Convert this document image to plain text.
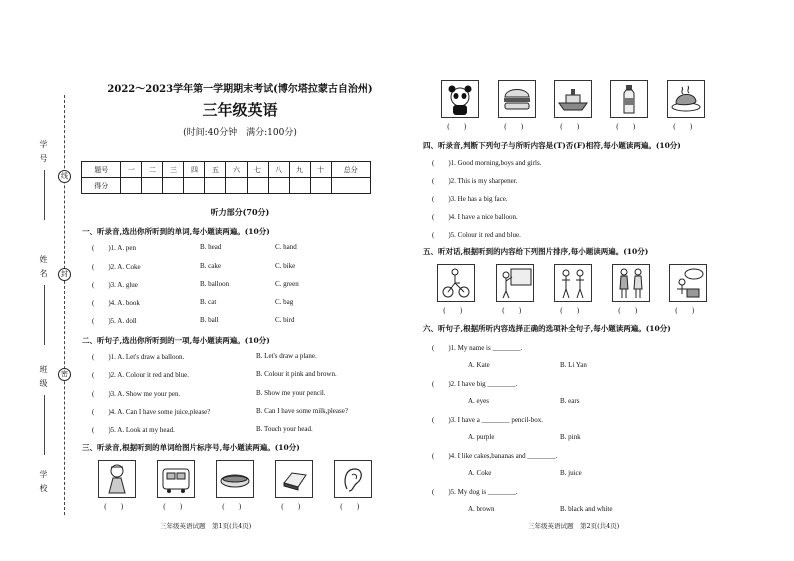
学号
姓名
班级
学校
线
封
密
2022～2023学年第一学期期末考试(博尔塔拉蒙古自治州)
三年级英语
(时间:40分钟　满分:100分)
题号	一	二	三	四	五	六	七	八	九	十	总分
得分											
听力部分(70分)
一、听录音,选出你所听到的单词,每小题读两遍。(10分)
(　　)1. A. pen	B. head	C. hand
(　　)2. A. Coke	B. cake	C. bike
(　　)3. A. glue	B. balloon	C. green
(　　)4. A. book	B. cat	C. bag
(　　)5. A. doll	B. ball	C. bird
二、听句子,选出你所听到的一项,每小题读两遍。(10分)
(　　)1. A. Let's draw a balloon.	B. Let's draw a plane.
(　　)2. A. Colour it red and blue.	B. Colour it pink and brown.
(　　)3. A. Show me your pen.	B. Show me your pencil.
(　　)4. A. Can I have some juice,please?	B. Can I have some milk,please?
(　　)5. A. Look at my head.	B. Touch your head.
三、听录音,根据听到的单词给图片标序号,每小题读两遍。(10分)
(　　)	(　　)	(　　)	(　　)	(　　)
三年级英语试题　第1页(共4页)
(　　)	(　　)	(　　)	(　　)	(　　)
四、听录音,判断下列句子与所听内容是(T)否(F)相符,每小题读两遍。(10分)
(　　)1. Good morning,boys and girls.
(　　)2. This is my sharpener.
(　　)3. He has a big face.
(　　)4. I have a nice balloon.
(　　)5. Colour it red and blue.
五、听对话,根据听到的内容给下列图片排序,每小题读两遍。(10分)
(　　)	(　　)	(　　)	(　　)	(　　)
六、听句子,根据所听内容选择正确的选项补全句子,每小题读两遍。(10分)
(　　)1. My name is ________.
A. Kate	B. Li Yan
(　　)2. I have big ________.
A. eyes	B. ears
(　　)3. I have a ________ pencil-box.
A. purple	B. pink
(　　)4. I like cakes,bananas and ________.
A. Coke	B. juice
(　　)5. My dog is ________.
A. brown	B. black and white
三年级英语试题　第2页(共4页)
